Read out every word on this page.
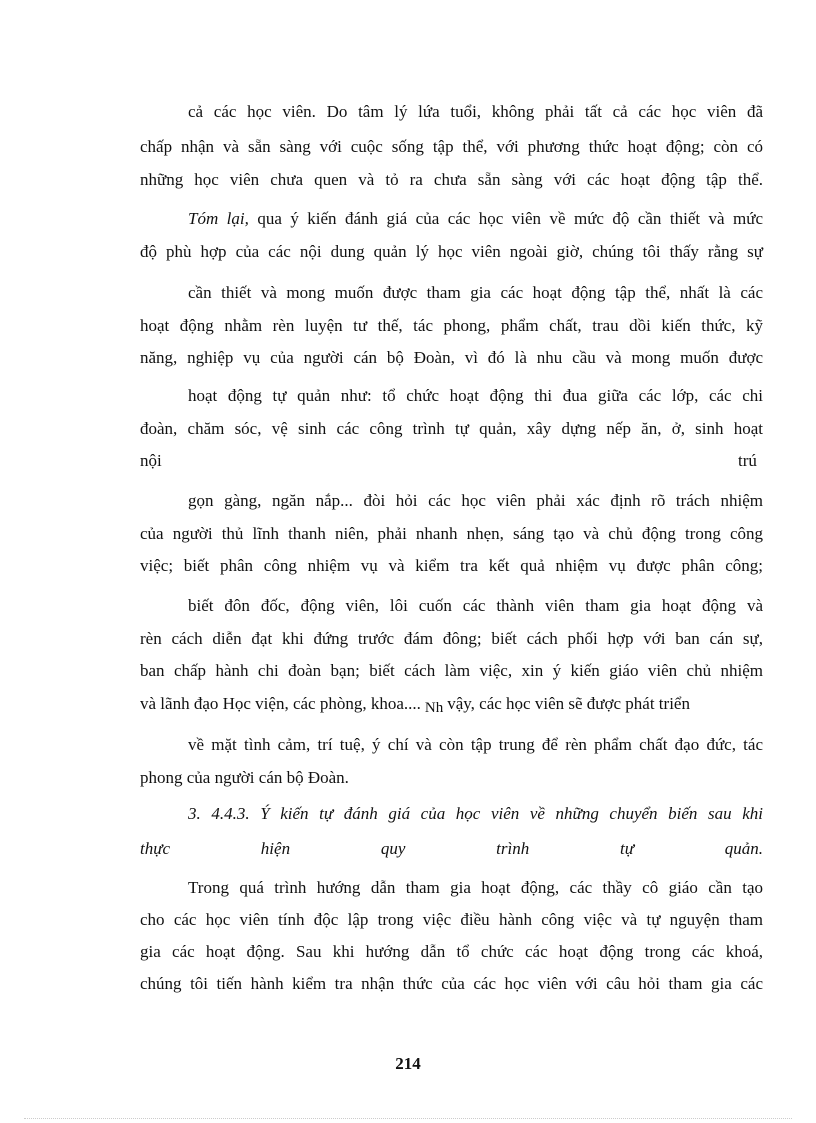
cả các học viên. Do tâm lý lứa tuổi, không phải tất cả các học viên đã
chấp nhận và sẵn sàng với cuộc sống tập thể, với phương thức hoạt động; còn có
những học viên chưa quen và tỏ ra chưa sẵn sàng với các hoạt động tập thể.
Tóm lại, qua ý kiến đánh giá của các học viên về mức độ cần thiết và mức
độ phù hợp của các nội dung quản lý học viên ngoài giờ, chúng tôi thấy rằng sự
cần thiết và mong muốn được tham gia các hoạt động tập thể, nhất là các
hoạt động nhằm rèn luyện tư thế, tác phong, phẩm chất, trau dồi kiến thức, kỹ
năng, nghiệp vụ của người cán bộ Đoàn, vì đó là nhu cầu và mong muốn được
hoạt động tự quản như: tổ chức hoạt động thi đua giữa các lớp, các chi
đoàn, chăm sóc, vệ sinh các công trình tự quản, xây dựng nếp ăn, ở, sinh hoạt
nội	trú
gọn gàng, ngăn nắp... đòi hỏi các học viên phải xác định rõ trách nhiệm
của người thủ lĩnh thanh niên, phải nhanh nhẹn, sáng tạo và chủ động trong công
việc; biết phân công nhiệm vụ và kiểm tra kết quả nhiệm vụ được phân công;
biết đôn đốc, động viên, lôi cuốn các thành viên tham gia hoạt động và
rèn cách diễn đạt khi đứng trước đám đông; biết cách phối hợp với ban cán sự,
ban chấp hành chi đoàn bạn; biết cách làm việc, xin ý kiến giáo viên chủ nhiệm
và lãnh đạo Học viện, các phòng, khoa.... Nh vậy, các học viên sẽ được phát triển
về mặt tình cảm, trí tuệ, ý chí và còn tập trung để rèn phẩm chất đạo đức, tác
phong của người cán bộ Đoàn.
3. 4.4.3. Ý kiến tự đánh giá của học viên về những chuyển biến sau khi
thực hiện quy trình tự quản.
Trong quá trình hướng dẫn tham gia hoạt động, các thầy cô giáo cần tạo
cho các học viên tính độc lập trong việc điều hành công việc và tự nguyện tham
gia các hoạt động. Sau khi hướng dẫn tổ chức các hoạt động trong các khoá,
chúng tôi tiến hành kiểm tra nhận thức của các học viên với câu hỏi tham gia các
214
